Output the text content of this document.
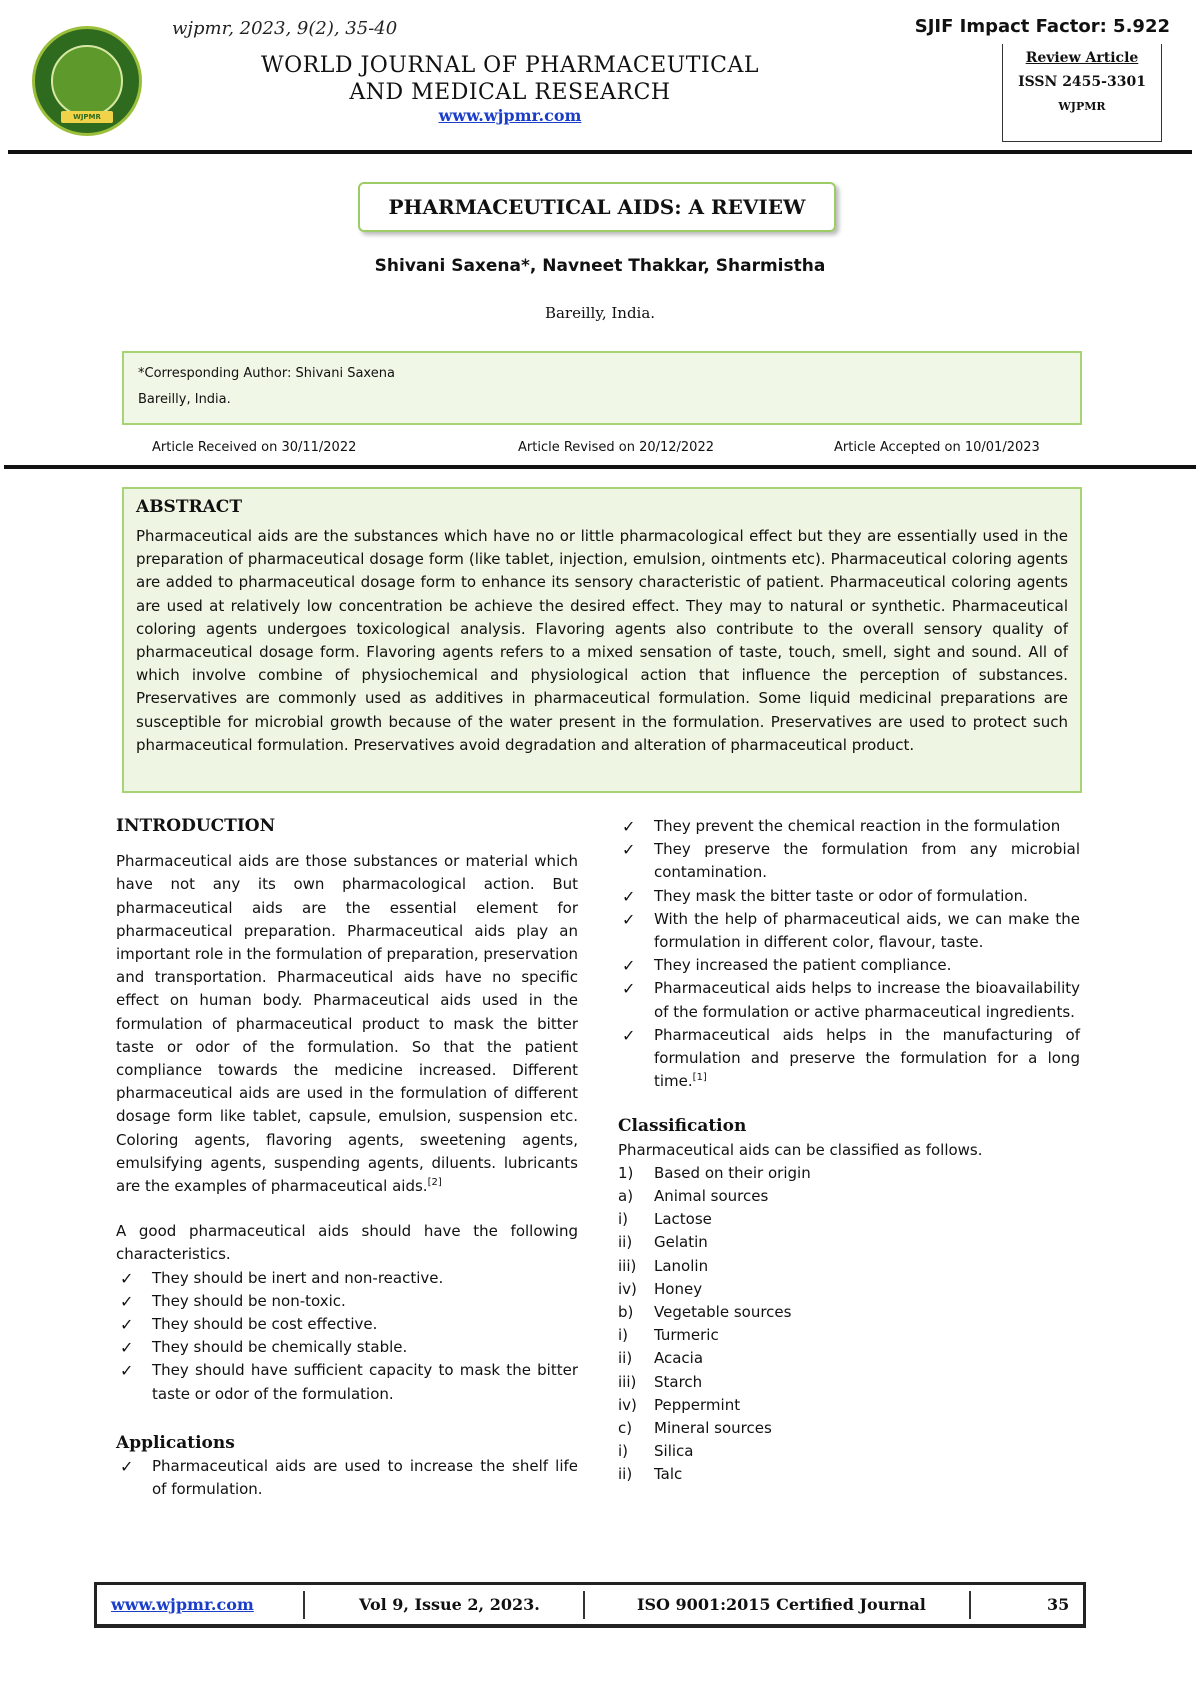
WJPMR
wjpmr, 2023, 9(2), 35-40
WORLD JOURNAL OF PHARMACEUTICAL
AND MEDICAL RESEARCH
www.wjpmr.com
SJIF Impact Factor: 5.922
Review Article
ISSN 2455-3301
WJPMR
PHARMACEUTICAL AIDS: A REVIEW
Shivani Saxena*, Navneet Thakkar, Sharmistha
Bareilly, India.
*Corresponding Author: Shivani Saxena
Bareilly, India.
Article Received on 30/11/2022	Article Revised on 20/12/2022	Article Accepted on 10/01/2023

ABSTRACT

Pharmaceutical aids are the substances which have no or little pharmacological effect but they are essentially used in the preparation of pharmaceutical dosage form (like tablet, injection, emulsion, ointments etc). Pharmaceutical coloring agents are added to pharmaceutical dosage form to enhance its sensory characteristic of patient. Pharmaceutical coloring agents are used at relatively low concentration be achieve the desired effect. They may to natural or synthetic. Pharmaceutical coloring agents undergoes toxicological analysis. Flavoring agents also contribute to the overall sensory quality of pharmaceutical dosage form. Flavoring agents refers to a mixed sensation of taste, touch, smell, sight and sound. All of which involve combine of physiochemical and physiological action that influence the perception of substances. Preservatives are commonly used as additives in pharmaceutical formulation. Some liquid medicinal preparations are susceptible for microbial growth because of the water present in the formulation. Preservatives are used to protect such pharmaceutical formulation. Preservatives avoid degradation and alteration of pharmaceutical product.

INTRODUCTION

Pharmaceutical aids are those substances or material which have not any its own pharmacological action. But pharmaceutical aids are the essential element for pharmaceutical preparation. Pharmaceutical aids play an important role in the formulation of preparation, preservation and transportation. Pharmaceutical aids have no specific effect on human body. Pharmaceutical aids used in the formulation of pharmaceutical product to mask the bitter taste or odor of the formulation. So that the patient compliance towards the medicine increased. Different pharmaceutical aids are used in the formulation of different dosage form like tablet, capsule, emulsion, suspension etc. Coloring agents, flavoring agents, sweetening agents, emulsifying agents, suspending agents, diluents. lubricants are the examples of pharmaceutical aids.[2]

A good pharmaceutical aids should have the following characteristics.

✓ They should be inert and non-reactive.
✓ They should be non-toxic.
✓ They should be cost effective.
✓ They should be chemically stable.
✓ They should have sufficient capacity to mask the bitter taste or odor of the formulation.

Applications

✓ Pharmaceutical aids are used to increase the shelf life of formulation.
✓ They prevent the chemical reaction in the formulation
✓ They preserve the formulation from any microbial contamination.
✓ They mask the bitter taste or odor of formulation.
✓ With the help of pharmaceutical aids, we can make the formulation in different color, flavour, taste.
✓ They increased the patient compliance.
✓ Pharmaceutical aids helps to increase the bioavailability of the formulation or active pharmaceutical ingredients.
✓ Pharmaceutical aids helps in the manufacturing of formulation and preserve the formulation for a long time.[1]

Classification

Pharmaceutical aids can be classified as follows.

1) Based on their origin
a) Animal sources
i) Lactose
ii) Gelatin
iii) Lanolin
iv) Honey
b) Vegetable sources
i) Turmeric
ii) Acacia
iii) Starch
iv) Peppermint
c) Mineral sources
i) Silica
ii) Talc
www.wjpmr.com	Vol 9, Issue 2, 2023.	ISO 9001:2015 Certified Journal	35
